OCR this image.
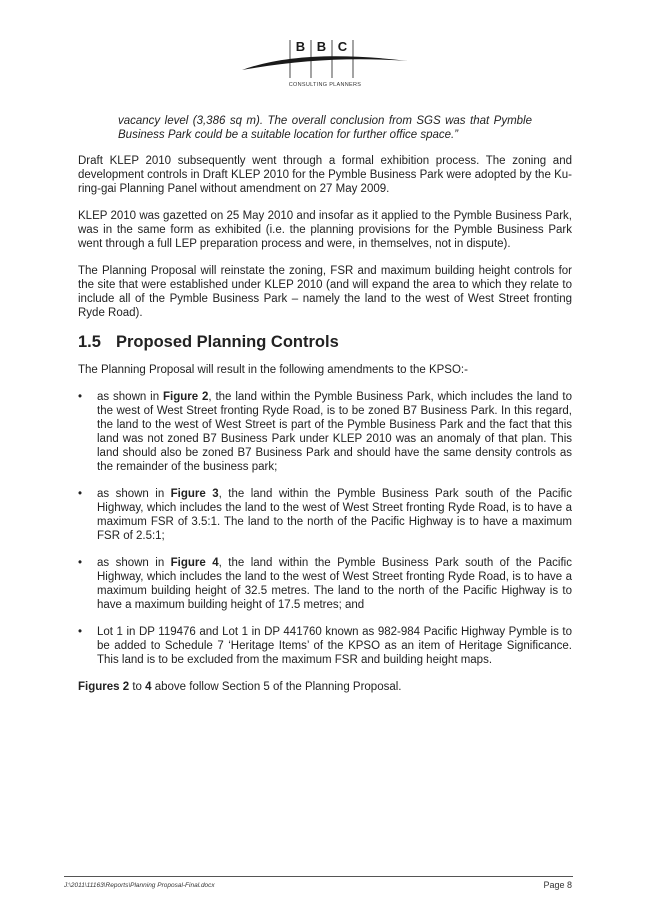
B B C
CONSULTING PLANNERS

vacancy level (3,386 sq m). The overall conclusion from SGS was that Pymble Business Park could be a suitable location for further office space.”

Draft KLEP 2010 subsequently went through a formal exhibition process. The zoning and development controls in Draft KLEP 2010 for the Pymble Business Park were adopted by the Ku-ring-gai Planning Panel without amendment on 27 May 2009.

KLEP 2010 was gazetted on 25 May 2010 and insofar as it applied to the Pymble Business Park, was in the same form as exhibited (i.e. the planning provisions for the Pymble Business Park went through a full LEP preparation process and were, in themselves, not in dispute).

The Planning Proposal will reinstate the zoning, FSR and maximum building height controls for the site that were established under KLEP 2010 (and will expand the area to which they relate to include all of the Pymble Business Park – namely the land to the west of West Street fronting Ryde Road).

1.5 Proposed Planning Controls

The Planning Proposal will result in the following amendments to the KPSO:-

• as shown in Figure 2, the land within the Pymble Business Park, which includes the land to the west of West Street fronting Ryde Road, is to be zoned B7 Business Park. In this regard, the land to the west of West Street is part of the Pymble Business Park and the fact that this land was not zoned B7 Business Park under KLEP 2010 was an anomaly of that plan. This land should also be zoned B7 Business Park and should have the same density controls as the remainder of the business park;
• as shown in Figure 3, the land within the Pymble Business Park south of the Pacific Highway, which includes the land to the west of West Street fronting Ryde Road, is to have a maximum FSR of 3.5:1. The land to the north of the Pacific Highway is to have a maximum FSR of 2.5:1;
• as shown in Figure 4, the land within the Pymble Business Park south of the Pacific Highway, which includes the land to the west of West Street fronting Ryde Road, is to have a maximum building height of 32.5 metres. The land to the north of the Pacific Highway is to have a maximum building height of 17.5 metres; and
• Lot 1 in DP 119476 and Lot 1 in DP 441760 known as 982-984 Pacific Highway Pymble is to be added to Schedule 7 ‘Heritage Items’ of the KPSO as an item of Heritage Significance. This land is to be excluded from the maximum FSR and building height maps.

Figures 2 to 4 above follow Section 5 of the Planning Proposal.

J:\2011\11163\Reports\Planning Proposal-Final.docx	Page 8
